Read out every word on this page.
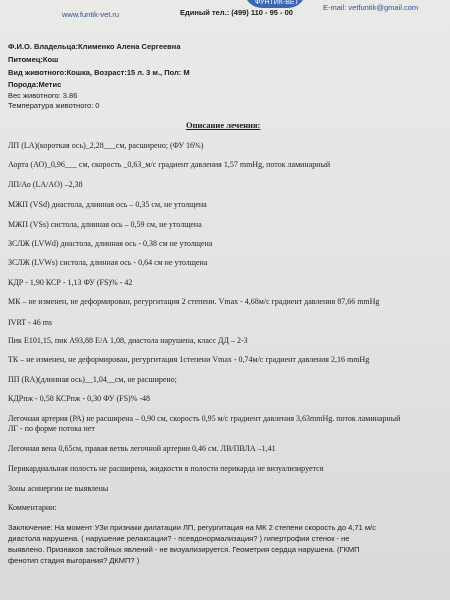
www.funtik-vet.ru
ФУНТИК-ВЕТ
Единый тел.: (499) 110 - 95 - 00
E-mail: vetfuntik@gmail.com
Ф.И.О. Владельца:Клименко Алена Сергеевна
Питомец:Кош
Вид животного:Кошка, Возраст:15 л. 3 м., Пол: М
Порода:Метис
Вес животного: 3.86
Температура животного: 0
Описание лечения:
ЛП (LA)(короткая ось)_2,28___см, расширено; (ФУ 16%)
Аорта (АО)_0,96___ см, скорость _0,63_м/с градиент давления 1,57 mmHg, поток ламинарный
ЛП/Ао (LA/AO) –2,38
МЖП (VSd) диастола, длинная ось – 0,35 см, не утолщена
МЖП (VSs) систола, длинная ось – 0,59 см, не утолщена
ЗСЛЖ (LVWd) диастола, длинная ось - 0,38 см не утолщена
ЗСЛЖ (LVWs) систола, длинная ось - 0,64 см не утолщена
КДР - 1,90 КСР - 1,13 ФУ (FS)% - 42
МК – не изменен, не деформирован, регургитация 2 степени. Vmax - 4,68м/с градиент давления 87,66 mmHg
IVRT - 46 ms
Пик Е101,15, пик А93,88 Е/А 1,08, диастола нарушена, класс ДД – 2-3
ТК – не изменен, не деформирован, регургитация 1степени Vmax - 0,74м/с градиент давления 2,16 mmHg
ПП (RA)(длинная ось)__1,04__см, не расширено;
КДРпж - 0,58 КСРпж - 0,30 ФУ (FS)% -48
Легочная артерия (РА) не расширена – 0,90 см, скорость 0,95 м/с градиент давления 3,63mmHg. поток ламинарный
ЛГ - по форме потока нет
Легочная вена 0,65см, правая ветвь легочной артерии 0,46 см. ЛВ/ПВЛА –1,41
Перикардиальная полость не расширена, жидкости в полости перикарда не визуализируется
Зоны асинергии не выявлены
Комментарии:
Заключение: На момент УЗи признаки дилатации ЛП, регургитация на МК 2 степени скорость до 4,71 м/с
диастола нарушена. ( нарушение релаксации? - псевдонормализация? ) гипертрофии стенок - не
выявлено. Признаков застойных явлений - не визуализируется. Геометрия сердца нарушена. (ГКМП
фенотип стадия выгорания? ДКМП? )
